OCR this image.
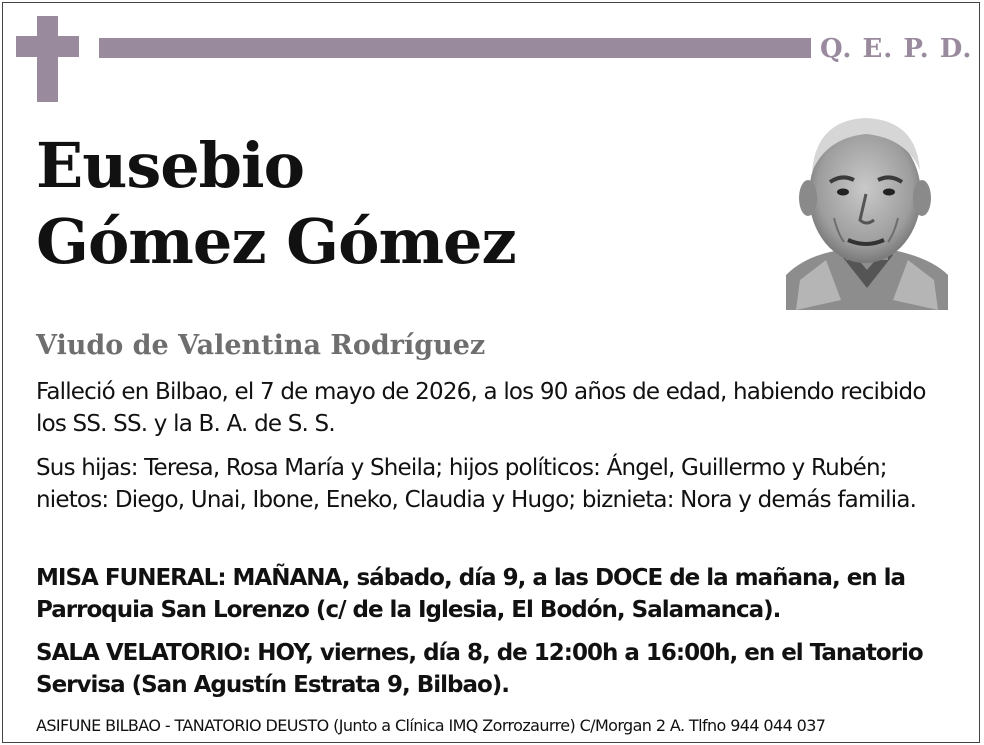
Q. E. P. D.
Eusebio
Gómez Gómez
Viudo de Valentina Rodríguez
Falleció en Bilbao, el 7 de mayo de 2026, a los 90 años de edad, habiendo recibido los SS. SS. y la B. A. de S. S.
Sus hijas: Teresa, Rosa María y Sheila; hijos políticos: Ángel, Guillermo y Rubén; nietos: Diego, Unai, Ibone, Eneko, Claudia y Hugo; biznieta: Nora y demás familia.
MISA FUNERAL: MAÑANA, sábado, día 9, a las DOCE de la mañana, en la Parroquia San Lorenzo (c/ de la Iglesia, El Bodón, Salamanca).
SALA VELATORIO: HOY, viernes, día 8, de 12:00h a 16:00h, en el Tanatorio Servisa (San Agustín Estrata 9, Bilbao).
ASIFUNE BILBAO - TANATORIO DEUSTO (Junto a Clínica IMQ Zorrozaurre) C/Morgan 2 A. Tlfno 944 044 037
